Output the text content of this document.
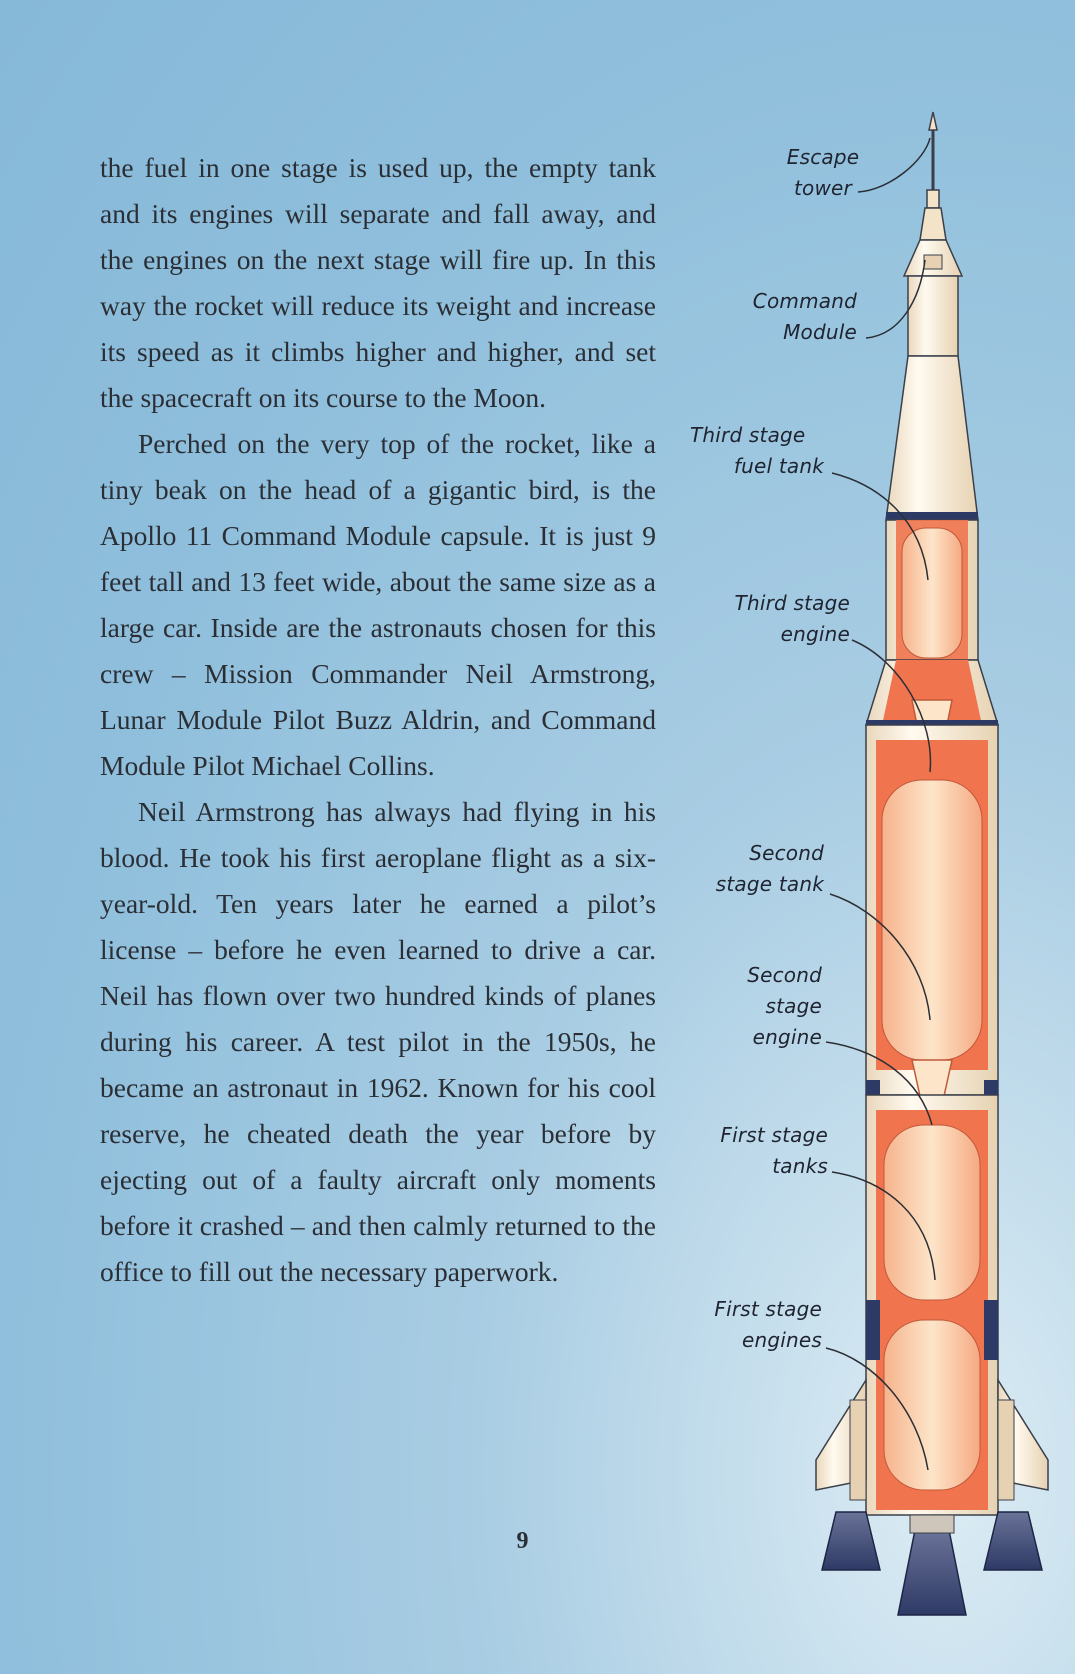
the fuel in one stage is used up, the empty tank and its engines will separate and fall away, and the engines on the next stage will fire up. In this way the rocket will reduce its weight and increase its speed as it climbs higher and higher, and set the spacecraft on its course to the Moon.

Perched on the very top of the rocket, like a tiny beak on the head of a gigantic bird, is the Apollo 11 Command Module capsule. It is just 9 feet tall and 13 feet wide, about the same size as a large car. Inside are the astronauts chosen for this crew – Mission Commander Neil Armstrong, Lunar Module Pilot Buzz Aldrin, and Command Module Pilot Michael Collins.

Neil Armstrong has always had flying in his blood. He took his first aeroplane flight as a six-year-old. Ten years later he earned a pilot’s license – before he even learned to drive a car. Neil has flown over two hundred kinds of planes during his career. A test pilot in the 1950s, he became an astronaut in 1962. Known for his cool reserve, he cheated death the year before by ejecting out of a faulty aircraft only moments before it crashed – and then calmly returned to the office to fill out the necessary paperwork.

9
Escape
tower
Command
Module
Third stage
fuel tank
Third stage
engine
Second
stage tank
Second
stage
engine
First stage
tanks
First stage
engines
